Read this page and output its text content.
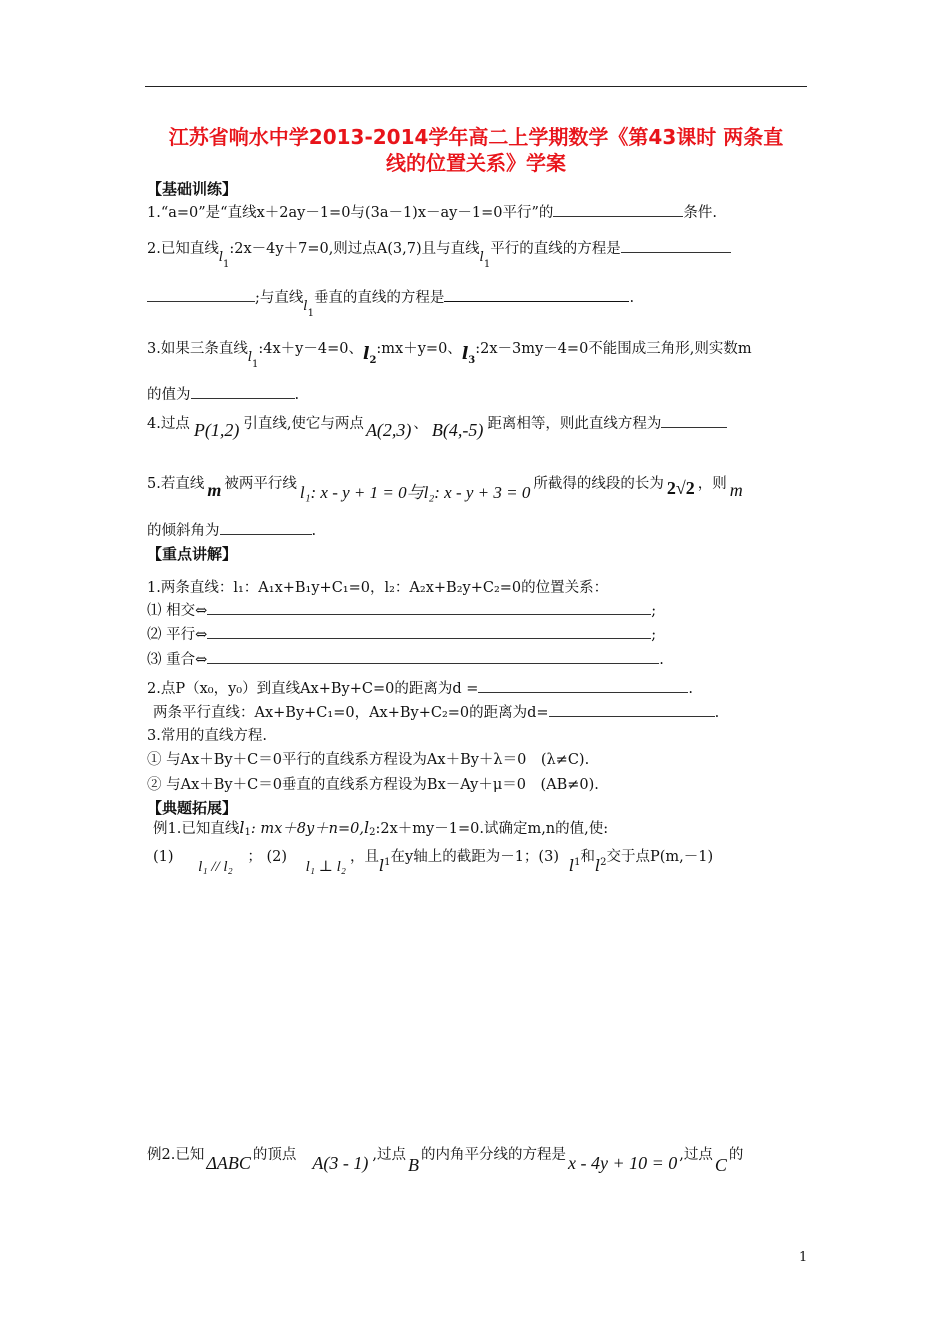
江苏省响水中学2013-2014学年高二上学期数学《第43课时 两条直
线的位置关系》学案
【基础训练】
1.“a=0”是“直线x＋2ay－1=0与(3a－1)x－ay－1=0平行”的	条件.
2.已知直线$l_1:2x-4y+7=0$,则过点A(3,7)且与直线$l_1$平行的直线的方程是
;与直线$l_1$垂直的直线的方程是	.
3.如果三条直线$l_1:4x+y-4=0$、$l_2:mx+y=0$、$l_3:2x-3my-4=0$不能围成三角形,则实数m
的值为	.
4.过点 P(1,2) 引直线,使它与两点 A(2,3) 、 B(4,-5) 距离相等，则此直线方程为
5.若直线 m 被两平行线 l₁: x - y + 1 = 0与l₂: x - y + 3 = 0 所截得的线段的长为 2√2 ，则 m
的倾斜角为	.
【重点讲解】
1.两条直线：l₁：A₁x+B₁y+C₁=0，l₂：A₂x+B₂y+C₂=0的位置关系：
⑴ 相交⇔	;
⑵ 平行⇔	;
⑶ 重合⇔	.
2.点P（x₀，y₀）到直线Ax+By+C=0的距离为d =	.
两条平行直线：Ax+By+C₁=0，Ax+By+C₂=0的距离为d=	.
3.常用的直线方程.
① 与Ax＋By＋C＝0平行的直线系方程设为Ax＋By＋λ＝0　(λ≠C).
② 与Ax＋By＋C＝0垂直的直线系方程设为Bx－Ay＋μ＝0　(AB≠0).
【典题拓展】
例1.已知直线l1: mx＋8y＋n=0,l2:2x＋my－1=0.试确定m,n的值,使:
(1) l₁ // l₂ ； (2) l₁ ⊥ l₂，且$l_1$在y轴上的截距为－1；(3) $l_1$和$l_2$交于点P(m,－1)
例2.已知 ΔABC 的顶点 A(3 - 1) ,过点 B 的内角平分线的方程是 x - 4y + 10 = 0 ,过点 C 的
1
